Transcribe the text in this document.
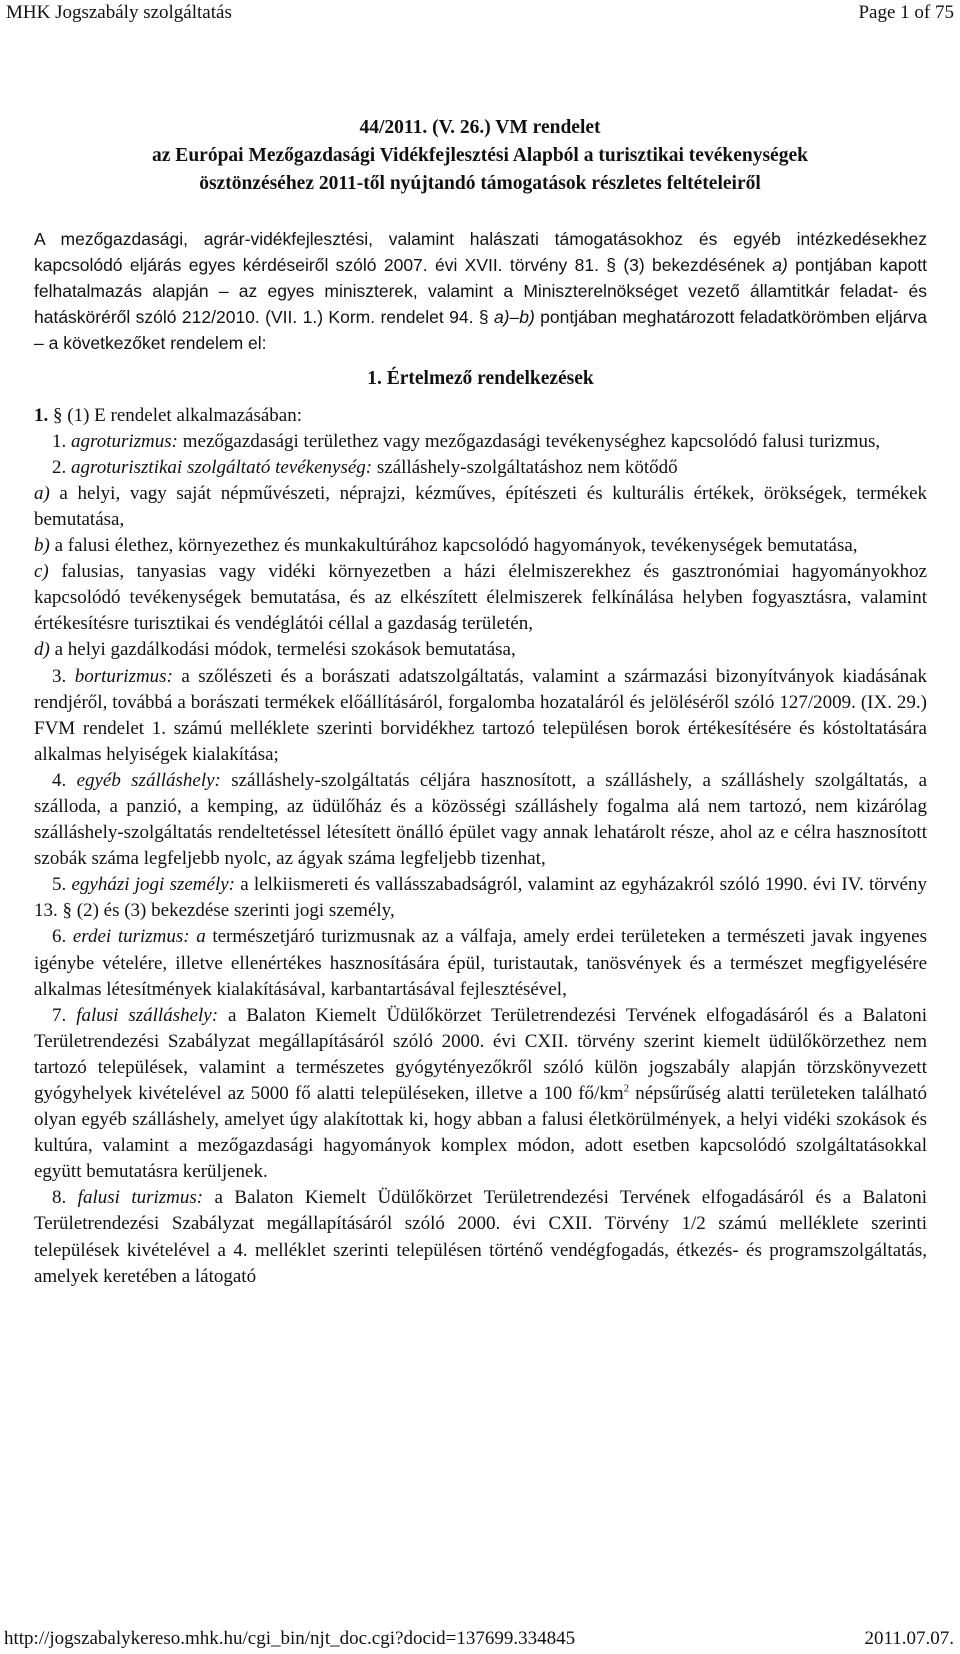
MHK Jogszabály szolgáltatás	Page 1 of 75
44/2011. (V. 26.) VM rendelet
az Európai Mezőgazdasági Vidékfejlesztési Alapból a turisztikai tevékenységek
ösztönzéséhez 2011-től nyújtandó támogatások részletes feltételeiről

A mezőgazdasági, agrár-vidékfejlesztési, valamint halászati támogatásokhoz és egyéb intézkedésekhez kapcsolódó eljárás egyes kérdéseiről szóló 2007. évi XVII. törvény 81. § (3) bekezdésének a) pontjában kapott felhatalmazás alapján – az egyes miniszterek, valamint a Miniszterelnökséget vezető államtitkár feladat- és hatásköréről szóló 212/2010. (VII. 1.) Korm. rendelet 94. § a)–b) pontjában meghatározott feladatkörömben eljárva – a következőket rendelem el:

1. Értelmező rendelkezések

1. § (1) E rendelet alkalmazásában:

1. agroturizmus: mezőgazdasági területhez vagy mezőgazdasági tevékenységhez kapcsolódó falusi turizmus,

2. agroturisztikai szolgáltató tevékenység: szálláshely-szolgáltatáshoz nem kötődő

a) a helyi, vagy saját népművészeti, néprajzi, kézműves, építészeti és kulturális értékek, örökségek, termékek bemutatása,

b) a falusi élethez, környezethez és munkakultúrához kapcsolódó hagyományok, tevékenységek bemutatása,

c) falusias, tanyasias vagy vidéki környezetben a házi élelmiszerekhez és gasztronómiai hagyományokhoz kapcsolódó tevékenységek bemutatása, és az elkészített élelmiszerek felkínálása helyben fogyasztásra, valamint értékesítésre turisztikai és vendéglátói céllal a gazdaság területén,

d) a helyi gazdálkodási módok, termelési szokások bemutatása,

3. borturizmus: a szőlészeti és a borászati adatszolgáltatás, valamint a származási bizonyítványok kiadásának rendjéről, továbbá a borászati termékek előállításáról, forgalomba hozataláról és jelöléséről szóló 127/2009. (IX. 29.) FVM rendelet 1. számú melléklete szerinti borvidékhez tartozó településen borok értékesítésére és kóstoltatására alkalmas helyiségek kialakítása;

4. egyéb szálláshely: szálláshely-szolgáltatás céljára hasznosított, a szálláshely, a szálláshely szolgáltatás, a szálloda, a panzió, a kemping, az üdülőház és a közösségi szálláshely fogalma alá nem tartozó, nem kizárólag szálláshely-szolgáltatás rendeltetéssel létesített önálló épület vagy annak lehatárolt része, ahol az e célra hasznosított szobák száma legfeljebb nyolc, az ágyak száma legfeljebb tizenhat,

5. egyházi jogi személy: a lelkiismereti és vallásszabadságról, valamint az egyházakról szóló 1990. évi IV. törvény 13. § (2) és (3) bekezdése szerinti jogi személy,

6. erdei turizmus: a természetjáró turizmusnak az a válfaja, amely erdei területeken a természeti javak ingyenes igénybe vételére, illetve ellenértékes hasznosítására épül, turistautak, tanösvények és a természet megfigyelésére alkalmas létesítmények kialakításával, karbantartásával fejlesztésével,

7. falusi szálláshely: a Balaton Kiemelt Üdülőkörzet Területrendezési Tervének elfogadásáról és a Balatoni Területrendezési Szabályzat megállapításáról szóló 2000. évi CXII. törvény szerint kiemelt üdülőkörzethez nem tartozó települések, valamint a természetes gyógytényezőkről szóló külön jogszabály alapján törzskönyvezett gyógyhelyek kivételével az 5000 fő alatti településeken, illetve a 100 $fő/km^2$ népsűrűség alatti területeken található olyan egyéb szálláshely, amelyet úgy alakítottak ki, hogy abban a falusi életkörülmények, a helyi vidéki szokások és kultúra, valamint a mezőgazdasági hagyományok komplex módon, adott esetben kapcsolódó szolgáltatásokkal együtt bemutatásra kerüljenek.

8. falusi turizmus: a Balaton Kiemelt Üdülőkörzet Területrendezési Tervének elfogadásáról és a Balatoni Területrendezési Szabályzat megállapításáról szóló 2000. évi CXII. Törvény 1/2 számú melléklete szerinti települések kivételével a 4. melléklet szerinti településen történő vendégfogadás, étkezés- és programszolgáltatás, amelyek keretében a látogató

http://jogszabalykereso.mhk.hu/cgi_bin/njt_doc.cgi?docid=137699.334845	2011.07.07.
